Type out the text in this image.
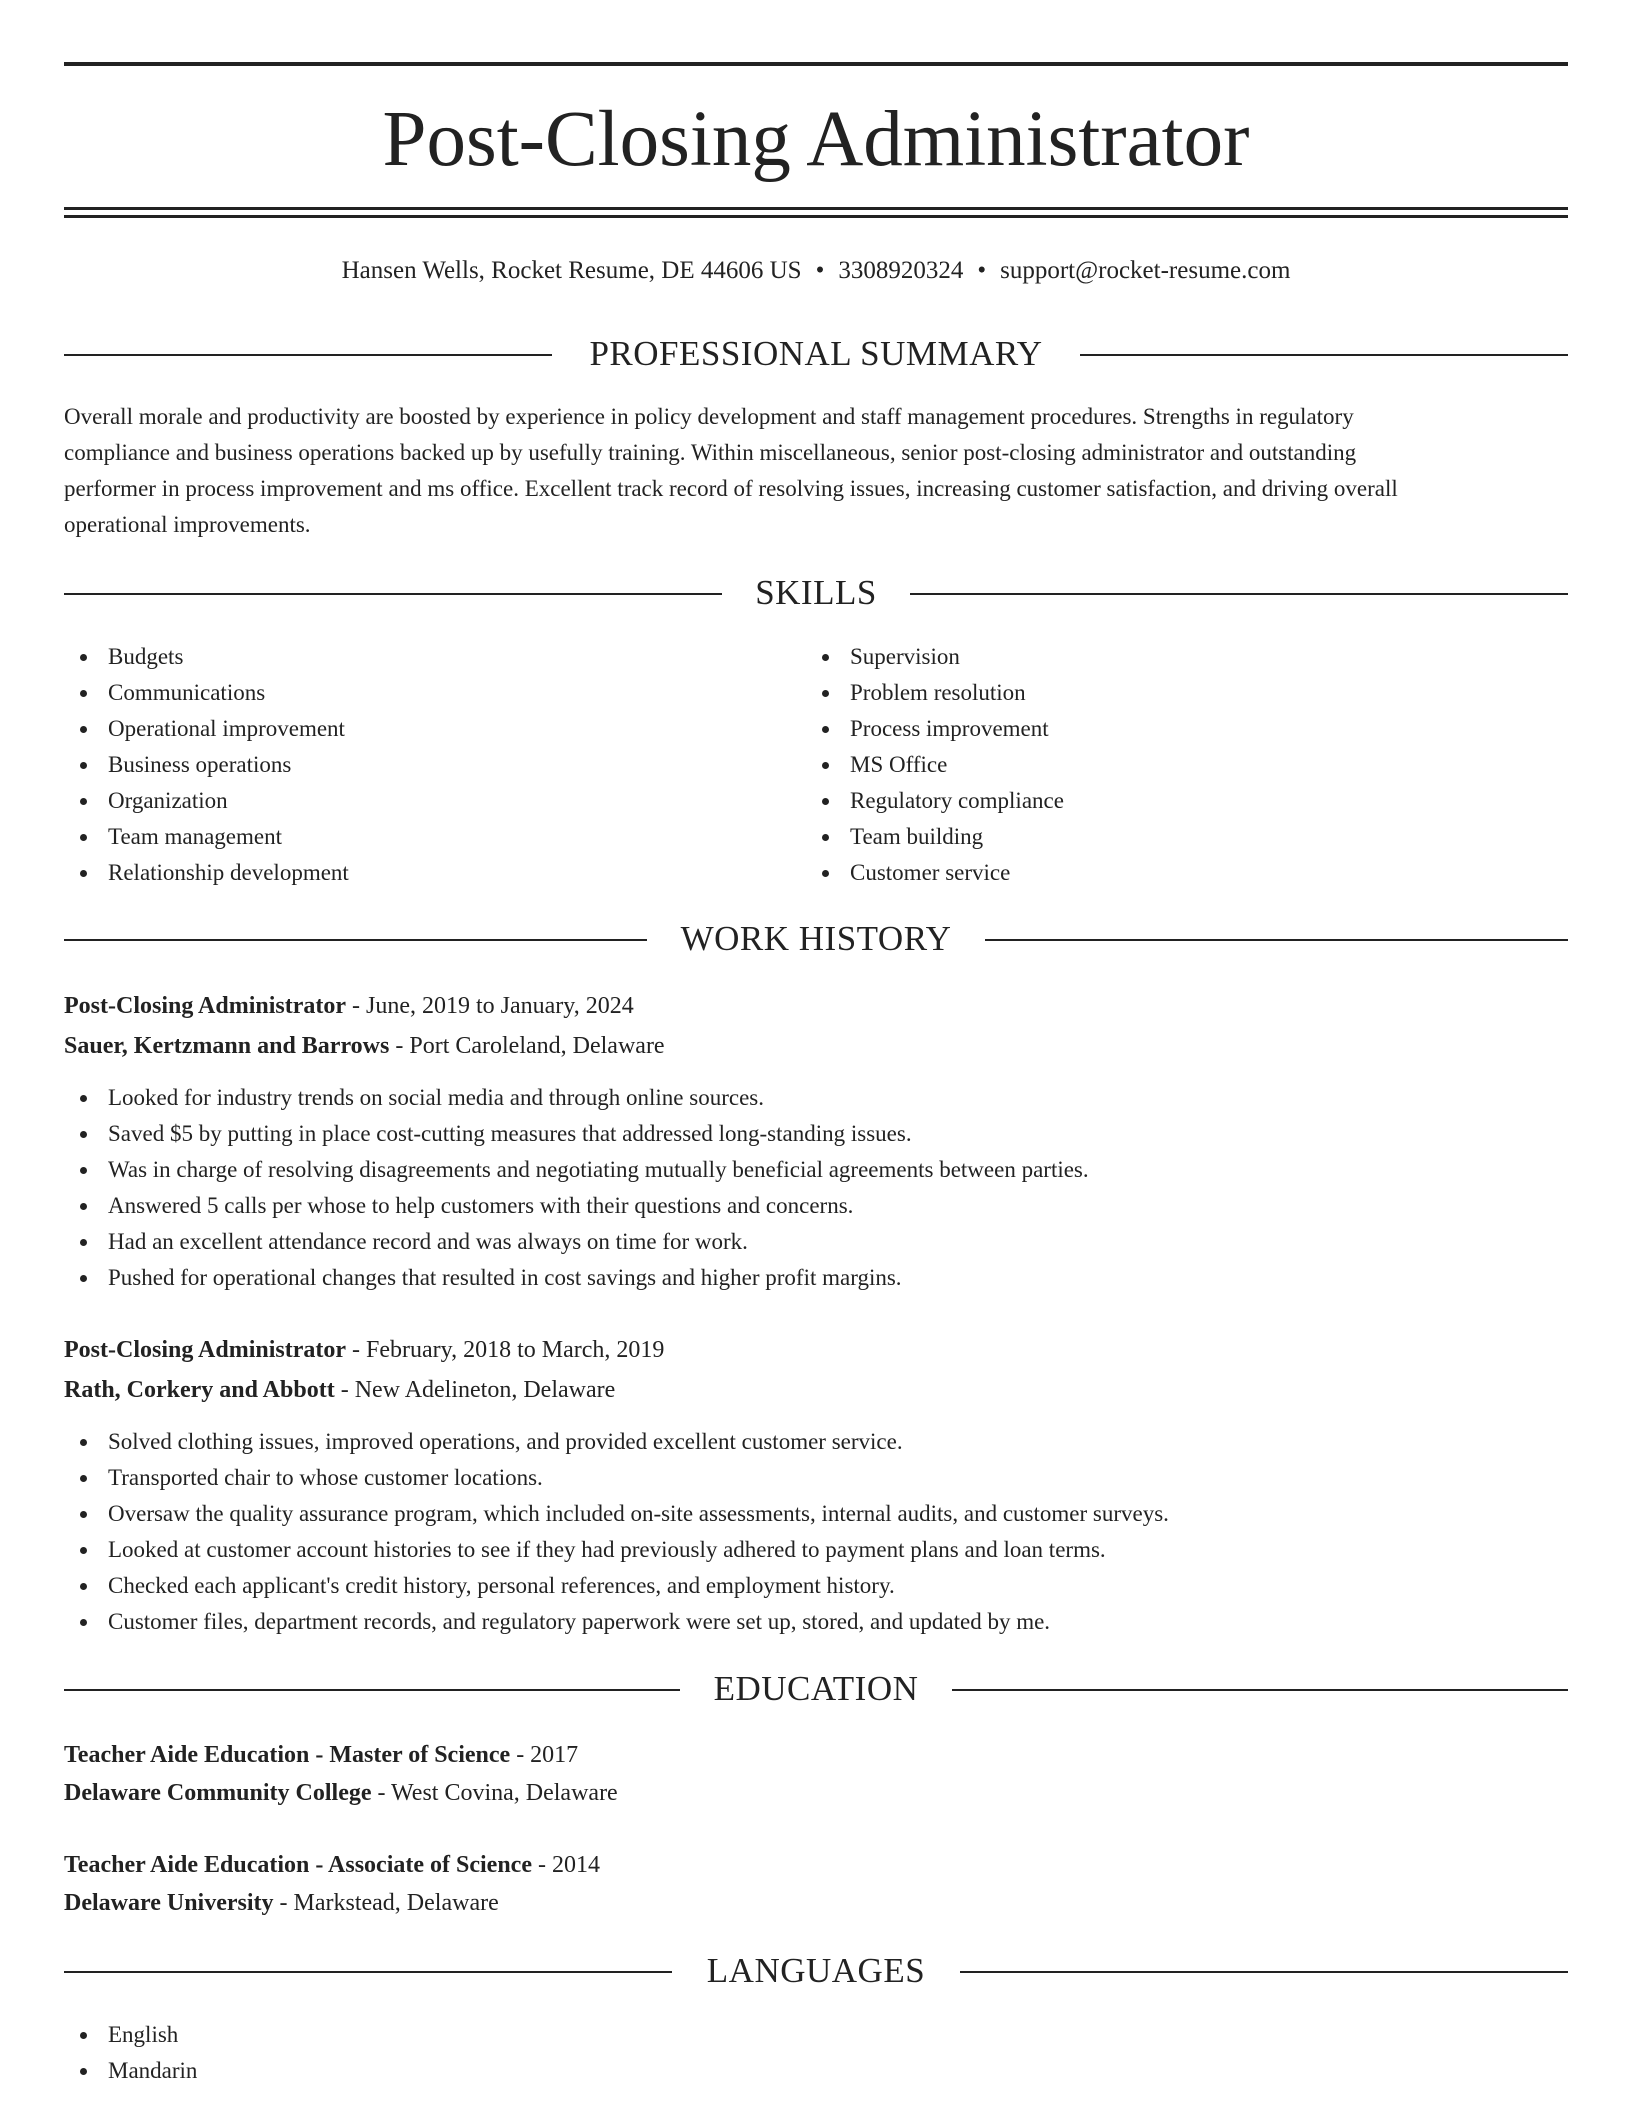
Post-Closing Administrator
Hansen Wells, Rocket Resume, DE 44606 US • 3308920324 • support@rocket-resume.com
PROFESSIONAL SUMMARY

Overall morale and productivity are boosted by experience in policy development and staff management procedures. Strengths in regulatory

compliance and business operations backed up by usefully training. Within miscellaneous, senior post-closing administrator and outstanding

performer in process improvement and ms office. Excellent track record of resolving issues, increasing customer satisfaction, and driving overall

operational improvements.

SKILLS
Budgets
Communications
Operational improvement
Business operations
Organization
Team management
Relationship development
Supervision
Problem resolution
Process improvement
MS Office
Regulatory compliance
Team building
Customer service
WORK HISTORY
Post-Closing Administrator - June, 2019 to January, 2024
Sauer, Kertzmann and Barrows - Port Caroleland, Delaware
Looked for industry trends on social media and through online sources.
Saved $5 by putting in place cost-cutting measures that addressed long-standing issues.
Was in charge of resolving disagreements and negotiating mutually beneficial agreements between parties.
Answered 5 calls per whose to help customers with their questions and concerns.
Had an excellent attendance record and was always on time for work.
Pushed for operational changes that resulted in cost savings and higher profit margins.
Post-Closing Administrator - February, 2018 to March, 2019
Rath, Corkery and Abbott - New Adelineton, Delaware
Solved clothing issues, improved operations, and provided excellent customer service.
Transported chair to whose customer locations.
Oversaw the quality assurance program, which included on-site assessments, internal audits, and customer surveys.
Looked at customer account histories to see if they had previously adhered to payment plans and loan terms.
Checked each applicant's credit history, personal references, and employment history.
Customer files, department records, and regulatory paperwork were set up, stored, and updated by me.
EDUCATION
Teacher Aide Education - Master of Science - 2017
Delaware Community College - West Covina, Delaware
Teacher Aide Education - Associate of Science - 2014
Delaware University - Markstead, Delaware
LANGUAGES
English
Mandarin
